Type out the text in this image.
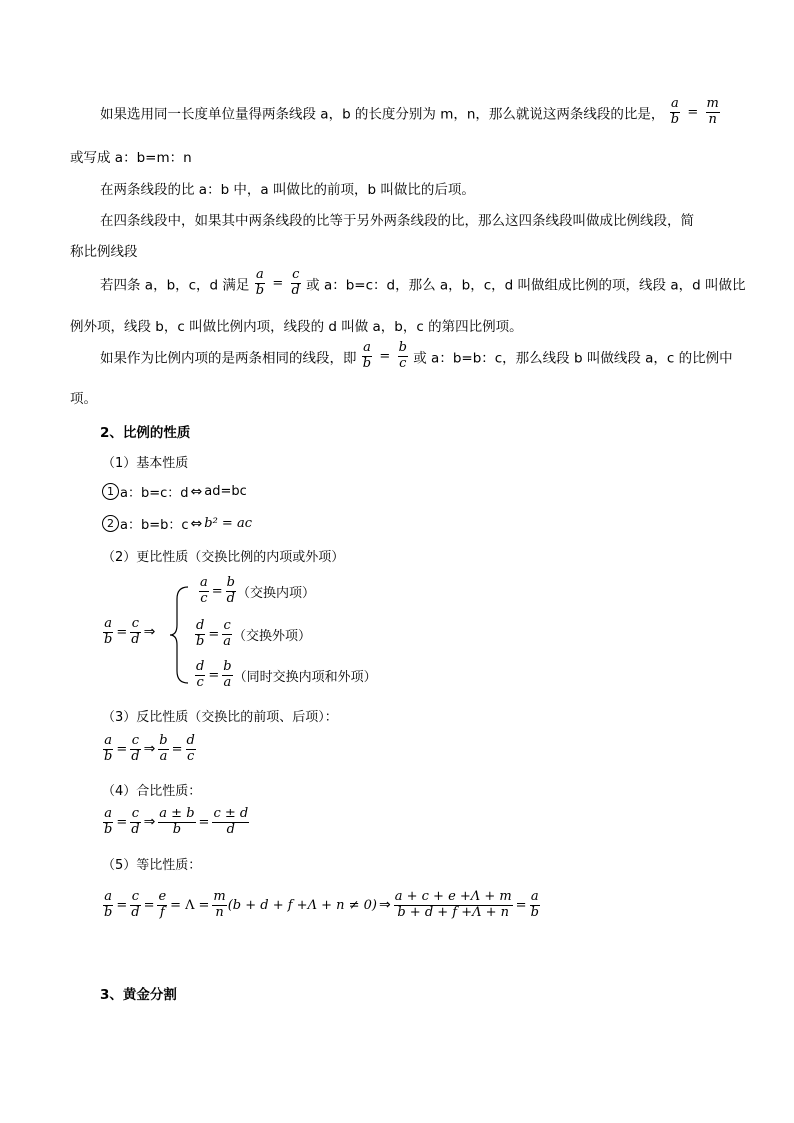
如果选用同一长度单位量得两条线段 a，b 的长度分别为 m，n，那么就说这两条线段的比是， $\frac{a}{b} = \frac{m}{n}$
或写成 a：b=m：n
在两条线段的比 a：b 中，a 叫做比的前项，b 叫做比的后项。
在四条线段中，如果其中两条线段的比等于另外两条线段的比，那么这四条线段叫做成比例线段，简
称比例线段
若四条 a，b，c，d 满足 $\frac{a}{b} = \frac{c}{d}$ 或 a：b=c：d，那么 a，b，c，d 叫做组成比例的项，线段 a，d 叫做比
例外项，线段 b，c 叫做比例内项，线段的 d 叫做 a，b，c 的第四比例项。
如果作为比例内项的是两条相同的线段，即 $\frac{a}{b} = \frac{b}{c}$ 或 a：b=b：c，那么线段 b 叫做线段 a，c 的比例中
项。
2、比例的性质
（1）基本性质
1 a：b=c：d ⇔ ad=bc
2 a：b=b：c ⇔ b² = ac
（2）更比性质（交换比例的内项或外项）
$\frac{a}{b} = \frac{c}{d}$ ⇒
$\frac{a}{c} = \frac{b}{d}$ （交换内项）
$\frac{d}{b} = \frac{c}{a}$ （交换外项）
$\frac{d}{c} = \frac{b}{a}$ （同时交换内项和外项）
（3）反比性质（交换比的前项、后项）：
$\frac{a}{b} = \frac{c}{d}$ ⇒ $\frac{b}{a} = \frac{d}{c}$
（4）合比性质：
$\frac{a}{b} = \frac{c}{d}$ ⇒ $\frac{a \pm b}{b} = \frac{c \pm d}{d}$
（5）等比性质：
$\frac{a}{b} = \frac{c}{d} = \frac{e}{f} = \Lambda = \frac{m}{n} (b + d + f +\Lambda + n \ne 0)$ ⇒ $\frac{a + c + e +\Lambda + m}{b + d + f +\Lambda + n} = \frac{a}{b}$
3、黄金分割
